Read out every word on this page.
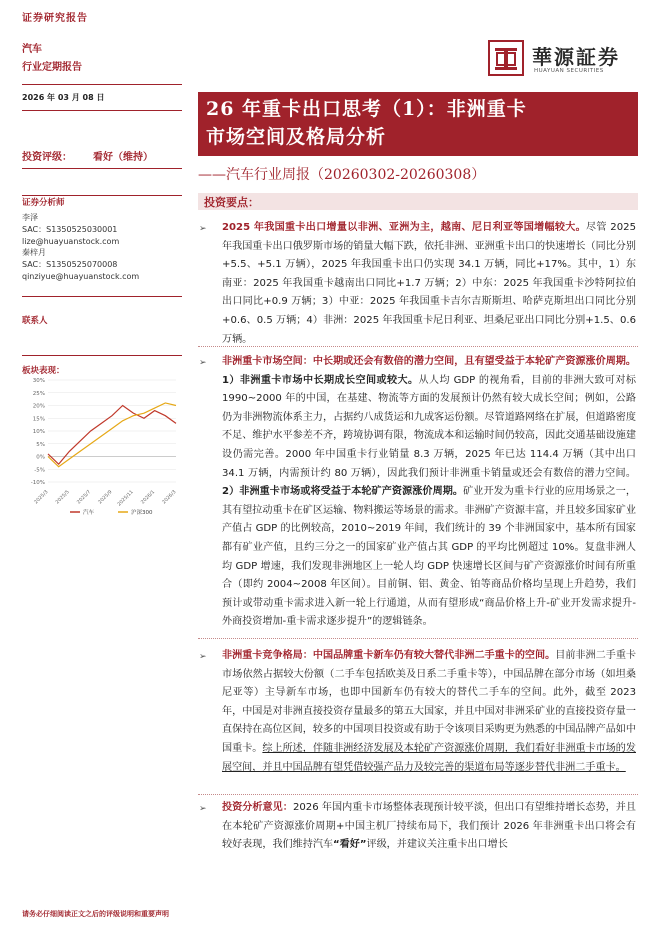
证券研究报告
華源証券
HUAYUAN SECURITIES
汽车
行业定期报告
2026 年 03 月 08 日
投资评级： 看好（维持）
证券分析师
李泽
SAC：S1350525030001
lize@huayuanstock.com
秦梓月
SAC：S1350525070008
qinziyue@huayuanstock.com
联系人
板块表现：
30%
25%
20%
15%
10%
5%
0%
-5%
-10%
2025/3 2025/5 2025/7 2025/9 2025/11 2026/1 2026/3
汽车	沪深300
26 年重卡出口思考（1）：非洲重卡
市场空间及格局分析
——汽车行业周报（20260302-20260308）
投资要点：
➢ 2025 年我国重卡出口增量以非洲、亚洲为主，越南、尼日利亚等国增幅较大。尽管 2025 年我国重卡出口俄罗斯市场的销量大幅下跌，依托非洲、亚洲重卡出口的快速增长（同比分别+5.5、+5.1 万辆），2025 年我国重卡出口仍实现 34.1 万辆，同比+17%。其中，1）东南亚：2025 年我国重卡越南出口同比+1.7 万辆；2）中东：2025 年我国重卡沙特阿拉伯出口同比+0.9 万辆；3）中亚：2025 年我国重卡吉尔吉斯斯坦、哈萨克斯坦出口同比分别+0.6、0.5 万辆；4）非洲：2025 年我国重卡尼日利亚、坦桑尼亚出口同比分别+1.5、0.6 万辆。
➢ 非洲重卡市场空间：中长期或还会有数倍的潜力空间，且有望受益于本轮矿产资源涨价周期。1）非洲重卡市场中长期成长空间或较大。从人均 GDP 的视角看，目前的非洲大致可对标 1990~2000 年的中国，在基建、物流等方面的发展预计仍然有较大成长空间；例如，公路仍为非洲物流体系主力，占据约八成货运和九成客运份额。尽管道路网络在扩展，但道路密度不足、维护水平参差不齐，跨境协调有限，物流成本和运输时间仍较高，因此交通基础设施建设仍需完善。2000 年中国重卡行业销量 8.3 万辆，2025 年已达 114.4 万辆（其中出口 34.1 万辆，内需预计约 80 万辆），因此我们预计非洲重卡销量或还会有数倍的潜力空间。2）非洲重卡市场或将受益于本轮矿产资源涨价周期。矿业开发为重卡行业的应用场景之一，其有望拉动重卡在矿区运输、物料搬运等场景的需求。非洲矿产资源丰富，并且较多国家矿业产值占 GDP 的比例较高，2010~2019 年间，我们统计的 39 个非洲国家中，基本所有国家都有矿业产值，且约三分之一的国家矿业产值占其 GDP 的平均比例超过 10%。复盘非洲人均 GDP 增速，我们发现非洲地区上一轮人均 GDP 快速增长区间与矿产资源涨价时间有所重合（即约 2004~2008 年区间）。目前铜、铝、黄金、铂等商品价格均呈现上升趋势，我们预计或带动重卡需求进入新一轮上行通道，从而有望形成“商品价格上升-矿业开发需求提升-外商投资增加-重卡需求逐步提升”的逻辑链条。
➢ 非洲重卡竞争格局：中国品牌重卡新车仍有较大替代非洲二手重卡的空间。目前非洲二手重卡市场依然占据较大份额（二手车包括欧美及日系二手重卡等），中国品牌在部分市场（如坦桑尼亚等）主导新车市场，也即中国新车仍有较大的替代二手车的空间。此外，截至 2023 年，中国是对非洲直接投资存量最多的第五大国家，并且中国对非洲采矿业的直接投资存量一直保持在高位区间，较多的中国项目投资或有助于令该项目采购更为熟悉的中国品牌产品如中国重卡。综上所述，伴随非洲经济发展及本轮矿产资源涨价周期，我们看好非洲重卡市场的发展空间，并且中国品牌有望凭借较强产品力及较完善的渠道布局等逐步替代非洲二手重卡。
➢ 投资分析意见：2026 年国内重卡市场整体表现预计较平淡，但出口有望维持增长态势，并且在本轮矿产资源涨价周期+中国主机厂持续布局下，我们预计 2026 年非洲重卡出口将会有较好表现，我们维持汽车“看好”评级，并建议关注重卡出口增长
请务必仔细阅读正文之后的评级说明和重要声明
